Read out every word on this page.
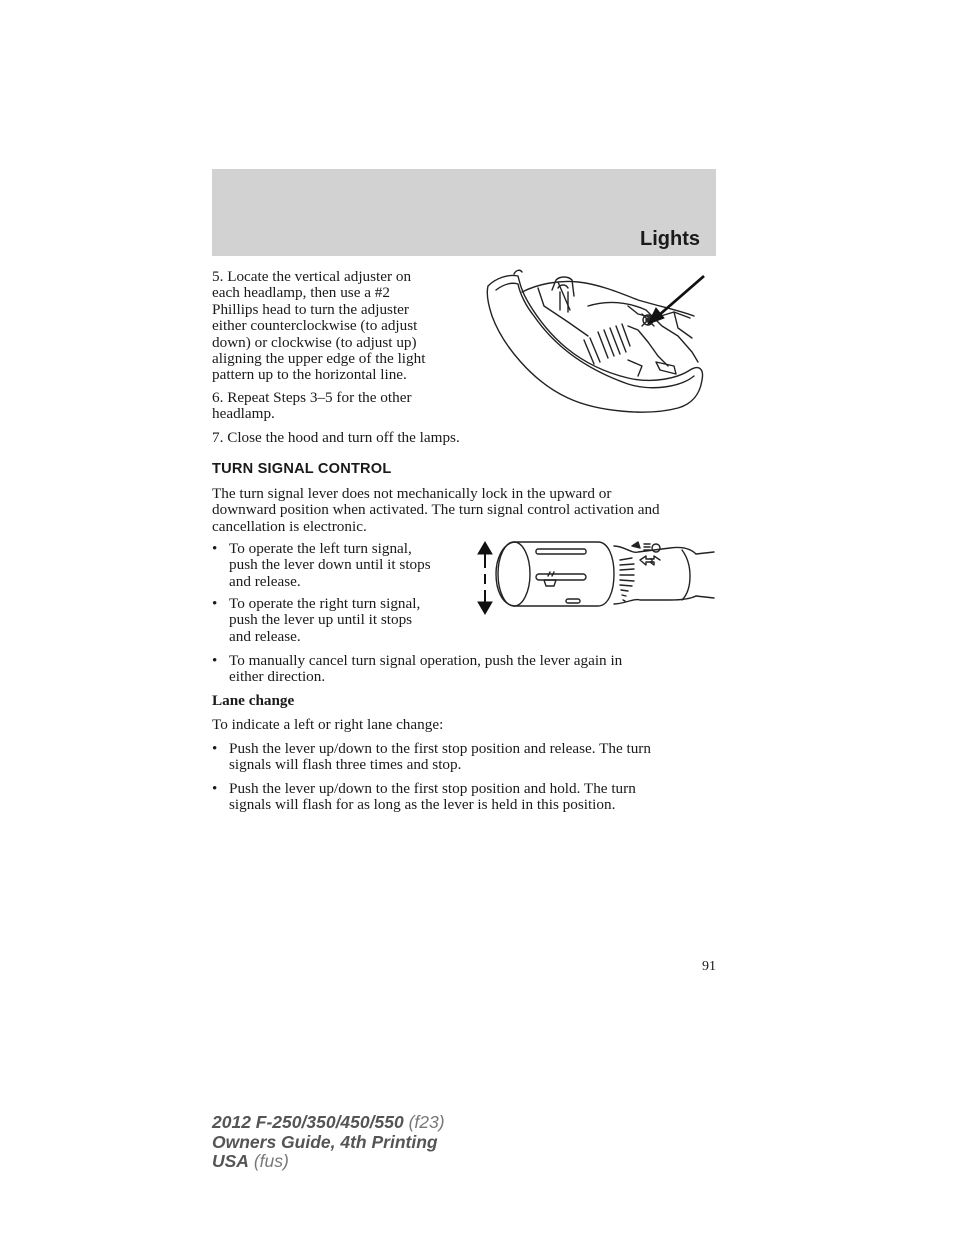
Lights
5. Locate the vertical adjuster on
each headlamp, then use a #2
Phillips head to turn the adjuster
either counterclockwise (to adjust
down) or clockwise (to adjust up)
aligning the upper edge of the light
pattern up to the horizontal line.
6. Repeat Steps 3–5 for the other
headlamp.
7. Close the hood and turn off the lamps.
TURN SIGNAL CONTROL
The turn signal lever does not mechanically lock in the upward or
downward position when activated. The turn signal control activation and
cancellation is electronic.
• To operate the left turn signal,
push the lever down until it stops
and release.
• To operate the right turn signal,
push the lever up until it stops
and release.
• To manually cancel turn signal operation, push the lever again in
either direction.
Lane change
To indicate a left or right lane change:
• Push the lever up/down to the first stop position and release. The turn
signals will flash three times and stop.
• Push the lever up/down to the first stop position and hold. The turn
signals will flash for as long as the lever is held in this position.
91
2012 F-250/350/450/550 (f23)
Owners Guide, 4th Printing
USA (fus)
